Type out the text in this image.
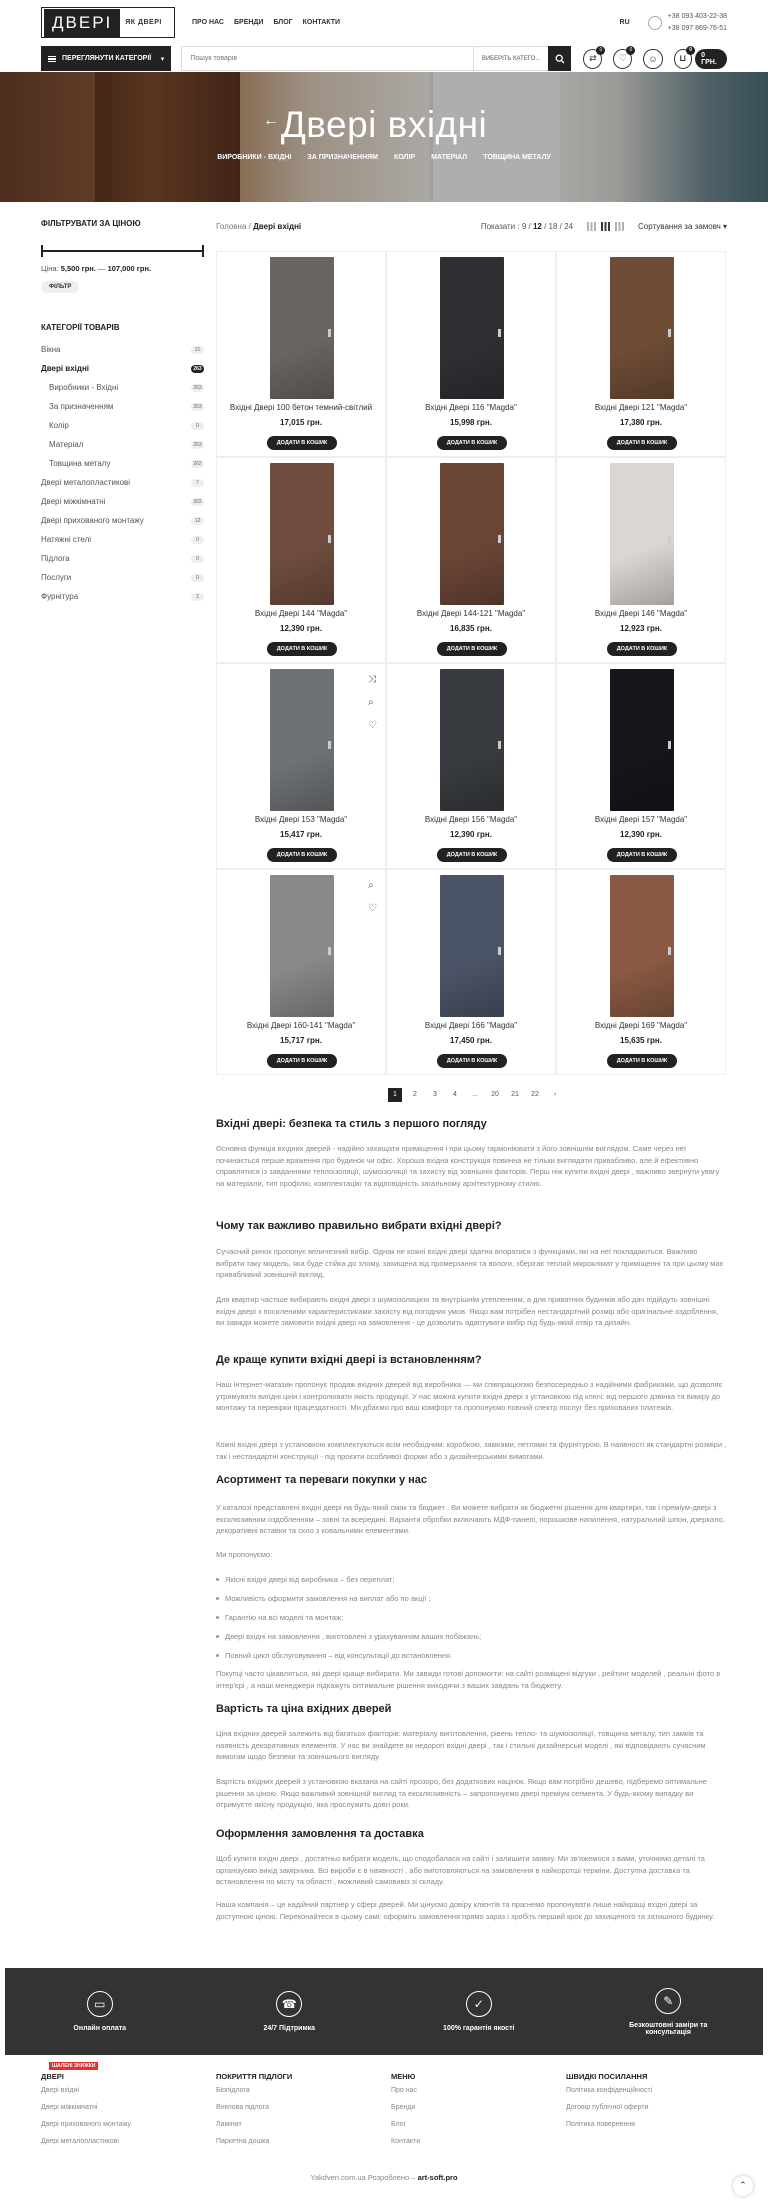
ДВЕРІ	ЯК ДВЕРІ	ПРО НАС БРЕНДИ БЛОГ КОНТАКТИ	RU
+38 093 403-22-38
+38 097 869-76-51
ПЕРЕГЛЯНУТИ КАТЕГОРІЇ ▾
Пошук товарів	ВИБЕРІТЬ КАТЕГО...	⇄
0
♡
0
☺	⊔
0
0 ГРН.
← Двері вхідні
ВИРОБНИКИ - ВХІДНІ ЗА ПРИЗНАЧЕННЯМ КОЛІР МАТЕРІАЛ ТОВЩИНА МЕТАЛУ
ФІЛЬТРУВАТИ ЗА ЦІНОЮ
Ціна: 5,500 грн. — 107,000 грн.
ФІЛЬТР
КАТЕГОРІЇ ТОВАРІВ
Вікна	21
Двері вхідні	263
Виробники - Вхідні	263
За призначенням	263
Колір	0
Матеріал	263
Товщина металу	262
Двері металопластикові	7
Двері міжкімнатні	302
Двері прихованого монтажу	12
Натяжні стелі	0
Підлога	0
Послуги	0
Фурнітура	2
Головна / Двері вхідні	Показати : 9 / 12 / 18 / 24	Сортування за замовч ▾
Вхідні Двері 100 бетон темний-світлий
17,015 грн.
ДОДАТИ В КОШИК
Вхідні Двері 116 "Magda"
15,998 грн.
ДОДАТИ В КОШИК
Вхідні Двері 121 "Magda"
17,380 грн.
ДОДАТИ В КОШИК
Вхідні Двері 144 "Magda"
12,390 грн.
ДОДАТИ В КОШИК
Вхідні Двері 144-121 "Magda"
16,835 грн.
ДОДАТИ В КОШИК
Вхідні Двері 146 "Magda"
12,923 грн.
ДОДАТИ В КОШИК
⤨
⌕
♡
Вхідні Двері 153 "Magda"
15,417 грн.
ДОДАТИ В КОШИК
Вхідні Двері 156 "Magda"
12,390 грн.
ДОДАТИ В КОШИК
Вхідні Двері 157 "Magda"
12,390 грн.
ДОДАТИ В КОШИК
⌕
♡
Вхідні Двері 160-141 "Magda"
15,717 грн.
ДОДАТИ В КОШИК
Вхідні Двері 166 "Magda"
17,450 грн.
ДОДАТИ В КОШИК
Вхідні Двері 169 "Magda"
15,635 грн.
ДОДАТИ В КОШИК
1	2	3	4	...	20	21	22	›
Вхідні двері: безпека та стиль з першого погляду

Основна функція вхідних дверей - надійно захищати приміщення і при цьому гармоніювати з його зовнішнім виглядом. Саме через неї починається перше враження про будинок чи офіс. Хороша вхідна конструкція повинна не тільки виглядати привабливо, але й ефективно справлятися із завданнями теплоізоляції, шумоізоляції та захисту від зовнішніх факторів. Перш ніж купити вхідні двері , важливо звернути увагу на матеріали, тип профілю, комплектацію та відповідність загальному архітектурному стилю.

Чому так важливо правильно вибрати вхідні двері?

Сучасний ринок пропонує величезний вибір. Однак не кожні вхідні двері здатна впоратися з функціями, які на неї покладаються. Важливо вибрати таку модель, яка буде стійка до злому, захищена від промерзання та вологи, зберігає теплий мікроклімат у приміщенні та при цьому має привабливий зовнішній вигляд.

Для квартир частіше вибирають вхідні двері з шумоізоляцією та внутрішнім утепленням, а для приватних будинків або дач підійдуть зовнішні вхідні двері з посиленими характеристиками захисту від погодних умов. Якщо вам потрібен нестандартний розмір або оригінальне оздоблення, ви завжди можете замовити вхідні двері на замовлення - це дозволить адаптувати вибір під будь-який отвір та дизайн.

Де краще купити вхідні двері із встановленням?

Наш інтернет-магазин пропонує продаж вхідних дверей від виробника — ми співпрацюємо безпосередньо з надійними фабриками, що дозволяє утримувати вигідні ціни і контролювати якість продукції. У нас можна купити вхідні двері з установкою під ключ: від першого дзвінка та виміру до монтажу та перевірки працездатності. Ми дбаємо про ваш комфорт та пропонуємо повний спектр послуг без прихованих платежів.

Кожні вхідні двері з установкою комплектуються всім необхідним: коробкою, замками, петлями та фурнітурою. В наявності як стандартні розміри , так і нестандартні конструкції - під проєкти особливої форми або з дизайнерськими вимогами.

Асортимент та переваги покупки у нас

У каталозі представлені вхідні двері на будь-який смак та бюджет . Ви можете вибрати як бюджетні рішення для квартири, так і преміум-двері з ексклюзивним оздобленням – зовні та всередині. Варіанти обробки включають МДФ-панелі, порошкове напилення, натуральний шпон, дзеркало, декоративні вставки та скло з ковальними елементами.

Ми пропонуємо:

Якісні вхідні двері від виробника – без переплат;
Можливість оформити замовлення на виплат або по акції ;
Гарантію на всі моделі та монтаж;
Двері вхідні на замовлення , виготовлені з урахуванням ваших побажань;
Повний цикл обслуговування – від консультації до встановлення.

Покупці часто цікавляться, які двері краще вибирати. Ми завжди готові допомогти: на сайті розміщені відгуки , рейтинг моделей , реальні фото в інтер'єрі , а наші менеджери підкажуть оптимальне рішення виходячи з ваших завдань та бюджету.

Вартість та ціна вхідних дверей

Ціна вхідних дверей залежить від багатьох факторів: матеріалу виготовлення, рівень тепло- та шумоізоляції, товщина металу, тип замків та наявність декоративних елементів. У нас ви знайдете як недорогі вхідні двері , так і стильні дизайнерські моделі , які відповідають сучасним вимогам щодо безпеки та зовнішнього вигляду.

Вартість вхідних дверей з установкою вказана на сайті прозоро, без додаткових націнок. Якщо вам потрібно дешево, підберемо оптимальне рішення за ціною. Якщо важливий зовнішній вигляд та ексклюзивність – запропонуємо двері преміум сегмента. У будь-якому випадку ви отримуєте якісну продукцію, яка прослужить довгі роки.

Оформлення замовлення та доставка

Щоб купити вхідні двері , достатньо вибрати модель, що сподобалася на сайті і залишити заявку. Ми зв'яжемося з вами, уточнимо деталі та організуємо вихід замірника. Всі вироби є в наявності , або виготовляються на замовлення в найкоротші терміни. Доступна доставка та встановлення по місту та області , можливий самовивіз зі складу.

Наша компанія – це надійний партнер у сфері дверей. Ми цінуємо довіру клієнтів та прагнемо пропонувати лише найкращі вхідні двері за доступною ціною. Переконайтеся в цьому самі: оформіть замовлення прямо зараз і зробіть перший крок до захищеного та затишного будинку.

▭
Онлайн оплата
☎
24/7 Підтримка
✓
100% гарантія якості
✎
Безкоштовні заміри та консультація
ШАЛЕНІ ЗНИЖКИ
ДВЕРІ
Двері вхідні
Двері міжкімнатні
Двері прихованого монтажу
Двері металопластикові
ПОКРИТТЯ ПІДЛОГИ
Біопідлога
Вінілова підлога
Ламінат
Паркетна дошка
МЕНЮ
Про нас
Бренди
Блог
Контакти
ШВИДКІ ПОСИЛАННЯ
Політика конфіденційності
Договір публічної оферти
Політика повернення
Yakdveri.com.ua Розроблено – art-soft.pro
⌃
